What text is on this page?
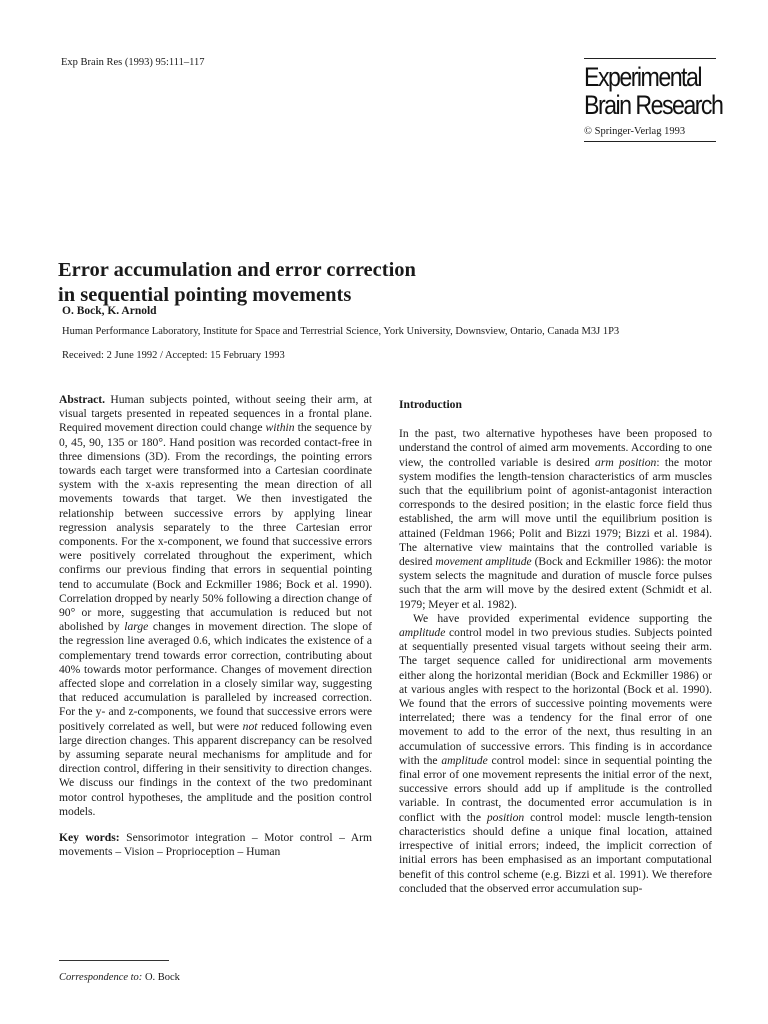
Exp Brain Res (1993) 95:111–117	Experimental
Brain Research
© Springer-Verlag 1993
Error accumulation and error correction
in sequential pointing movements
O. Bock, K. Arnold
Human Performance Laboratory, Institute for Space and Terrestrial Science, York University, Downsview, Ontario, Canada M3J 1P3
Received: 2 June 1992 / Accepted: 15 February 1993

Abstract. Human subjects pointed, without seeing their arm, at visual targets presented in repeated sequences in a frontal plane. Required movement direction could change within the sequence by 0, 45, 90, 135 or 180°. Hand position was recorded contact-free in three dimensions (3D). From the recordings, the pointing errors towards each target were transformed into a Cartesian coordinate system with the x-axis representing the mean direction of all movements towards that target. We then investigated the relationship between successive errors by applying linear regression analysis separately to the three Cartesian error components. For the x-component, we found that successive errors were positively correlated throughout the experiment, which confirms our previous finding that errors in sequential pointing tend to accumulate (Bock and Eckmiller 1986; Bock et al. 1990). Correlation dropped by nearly 50% following a direction change of 90° or more, suggesting that accumulation is reduced but not abolished by large changes in movement direction. The slope of the regression line averaged 0.6, which indicates the existence of a complementary trend towards error correction, contributing about 40% towards motor performance. Changes of movement direction affected slope and correlation in a closely similar way, suggesting that reduced accumulation is paralleled by increased correction. For the y- and z-components, we found that successive errors were positively correlated as well, but were not reduced following even large direction changes. This apparent discrepancy can be resolved by assuming separate neural mechanisms for amplitude and for direction control, differing in their sensitivity to direction changes. We discuss our findings in the context of the two predominant motor control hypotheses, the amplitude and the position control models.

Key words: Sensorimotor integration – Motor control – Arm movements – Vision – Proprioception – Human

Correspondence to: O. Bock

Introduction

In the past, two alternative hypotheses have been proposed to understand the control of aimed arm movements. According to one view, the controlled variable is desired arm position: the motor system modifies the length-tension characteristics of arm muscles such that the equilibrium point of agonist-antagonist interaction corresponds to the desired position; in the elastic force field thus established, the arm will move until the equilibrium position is attained (Feldman 1966; Polit and Bizzi 1979; Bizzi et al. 1984). The alternative view maintains that the controlled variable is desired movement amplitude (Bock and Eckmiller 1986): the motor system selects the magnitude and duration of muscle force pulses such that the arm will move by the desired extent (Schmidt et al. 1979; Meyer et al. 1982).

We have provided experimental evidence supporting the amplitude control model in two previous studies. Subjects pointed at sequentially presented visual targets without seeing their arm. The target sequence called for unidirectional arm movements either along the horizontal meridian (Bock and Eckmiller 1986) or at various angles with respect to the horizontal (Bock et al. 1990). We found that the errors of successive pointing movements were interrelated; there was a tendency for the final error of one movement to add to the error of the next, thus resulting in an accumulation of successive errors. This finding is in accordance with the amplitude control model: since in sequential pointing the final error of one movement represents the initial error of the next, successive errors should add up if amplitude is the controlled variable. In contrast, the documented error accumulation is in conflict with the position control model: muscle length-tension characteristics should define a unique final location, attained irrespective of initial errors; indeed, the implicit correction of initial errors has been emphasised as an important computational benefit of this control scheme (e.g. Bizzi et al. 1991). We therefore concluded that the observed error accumulation sup-
